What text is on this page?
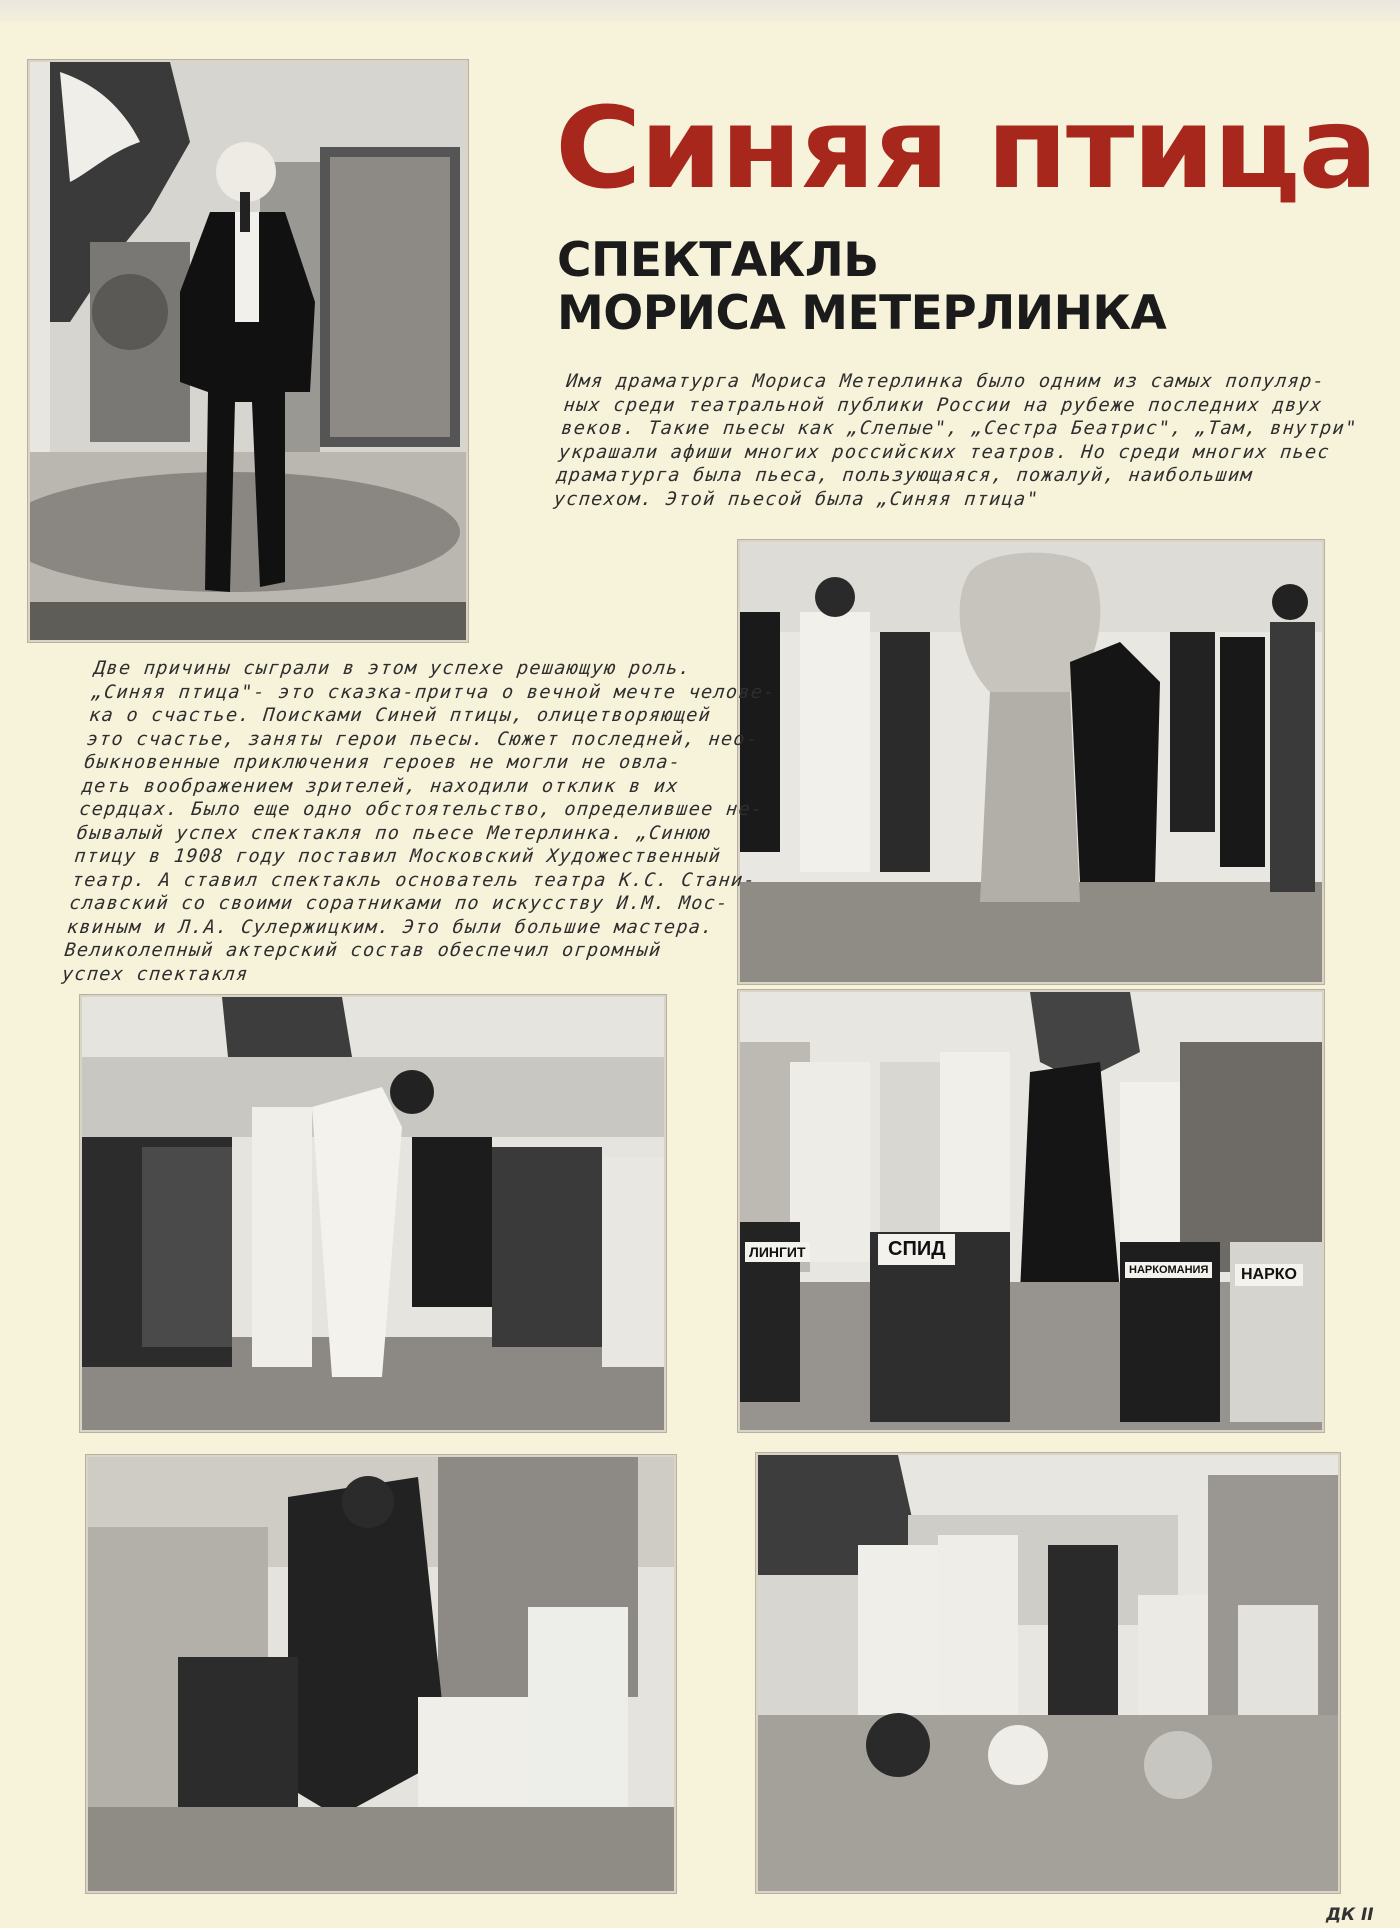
Синяя птица
СПЕКТАКЛЬ
МОРИСА МЕТЕРЛИНКА
Имя драматурга Мориса Метерлинка было одним из самых популяр-
ных среди театральной публики России на рубеже последних двух
веков. Такие пьесы как „Слепые", „Сестра Беатрис", „Там, внутри"
украшали афиши многих российских театров. Но среди многих пьес
драматурга была пьеса, пользующаяся, пожалуй, наибольшим
успехом. Этой пьесой была „Синяя птица"
Две причины сыграли в этом успехе решающую роль.
„Синяя птица"- это сказка-притча о вечной мечте челове-
ка о счастье. Поисками Синей птицы, олицетворяющей
это счастье, заняты герои пьесы. Сюжет последней, нео-
быкновенные приключения героев не могли не овла-
деть воображением зрителей, находили отклик в их
сердцах. Было еще одно обстоятельство, определившее не-
бывалый успех спектакля по пьесе Метерлинка. „Синюю
птицу в 1908 году поставил Московский Художественный
театр. А ставил спектакль основатель театра К.С. Стани-
славский со своими соратниками по искусству И.М. Мос-
квиным и Л.А. Сулержицким. Это были большие мастера.
Великолепный актерский состав обеспечил огромный
успех спектакля
ЛИНГИТ	СПИД
НАРКОМАНИЯ	НАРКО
ДК II
